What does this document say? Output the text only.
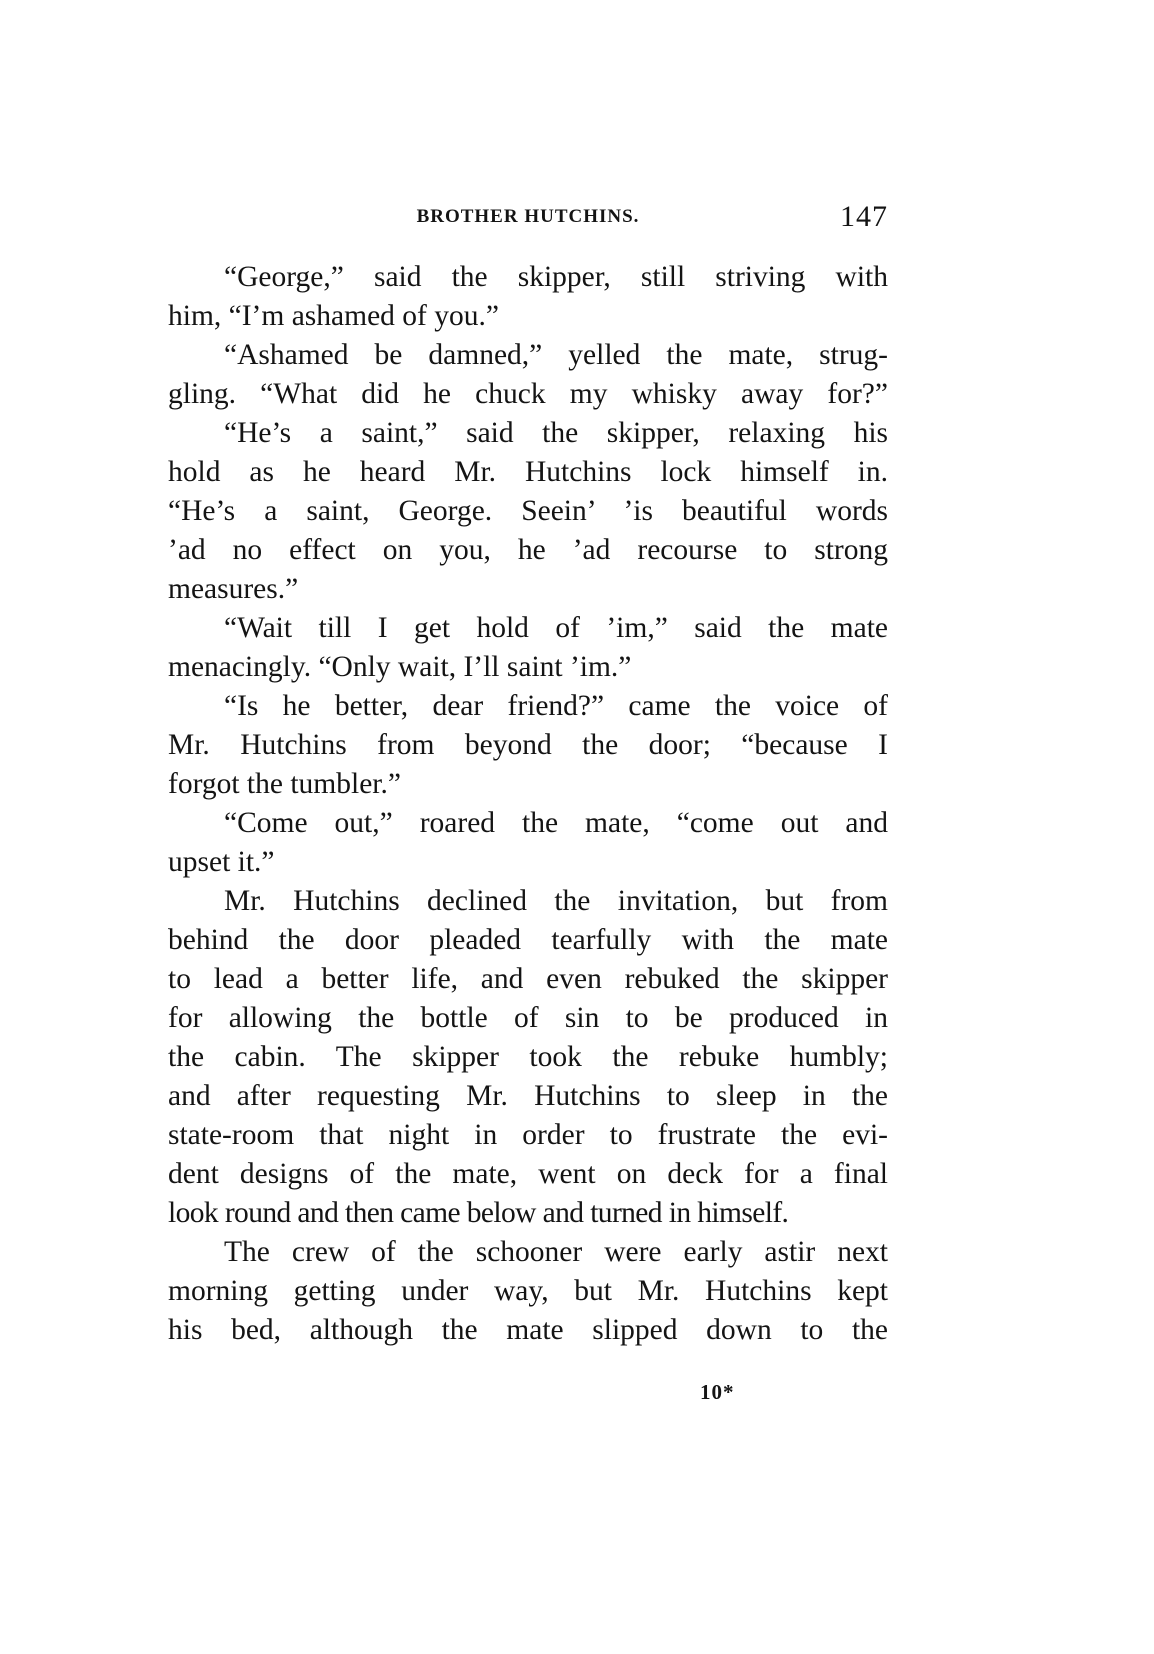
BROTHER HUTCHINS.	147
“George,” said the skipper, still striving with
him, “I’m ashamed of you.”
“Ashamed be damned,” yelled the mate, strug-
gling. “What did he chuck my whisky away for?”
“He’s a saint,” said the skipper, relaxing his
hold as he heard Mr. Hutchins lock himself in.
“He’s a saint, George. Seein’ ’is beautiful words
’ad no effect on you, he ’ad recourse to strong
measures.”
“Wait till I get hold of ’im,” said the mate
menacingly. “Only wait, I’ll saint ’im.”
“Is he better, dear friend?” came the voice of
Mr. Hutchins from beyond the door; “because I
forgot the tumbler.”
“Come out,” roared the mate, “come out and
upset it.”
Mr. Hutchins declined the invitation, but from
behind the door pleaded tearfully with the mate
to lead a better life, and even rebuked the skipper
for allowing the bottle of sin to be produced in
the cabin. The skipper took the rebuke humbly;
and after requesting Mr. Hutchins to sleep in the
state-room that night in order to frustrate the evi-
dent designs of the mate, went on deck for a final
look round and then came below and turned in himself.
The crew of the schooner were early astir next
morning getting under way, but Mr. Hutchins kept
his bed, although the mate slipped down to the
10*
